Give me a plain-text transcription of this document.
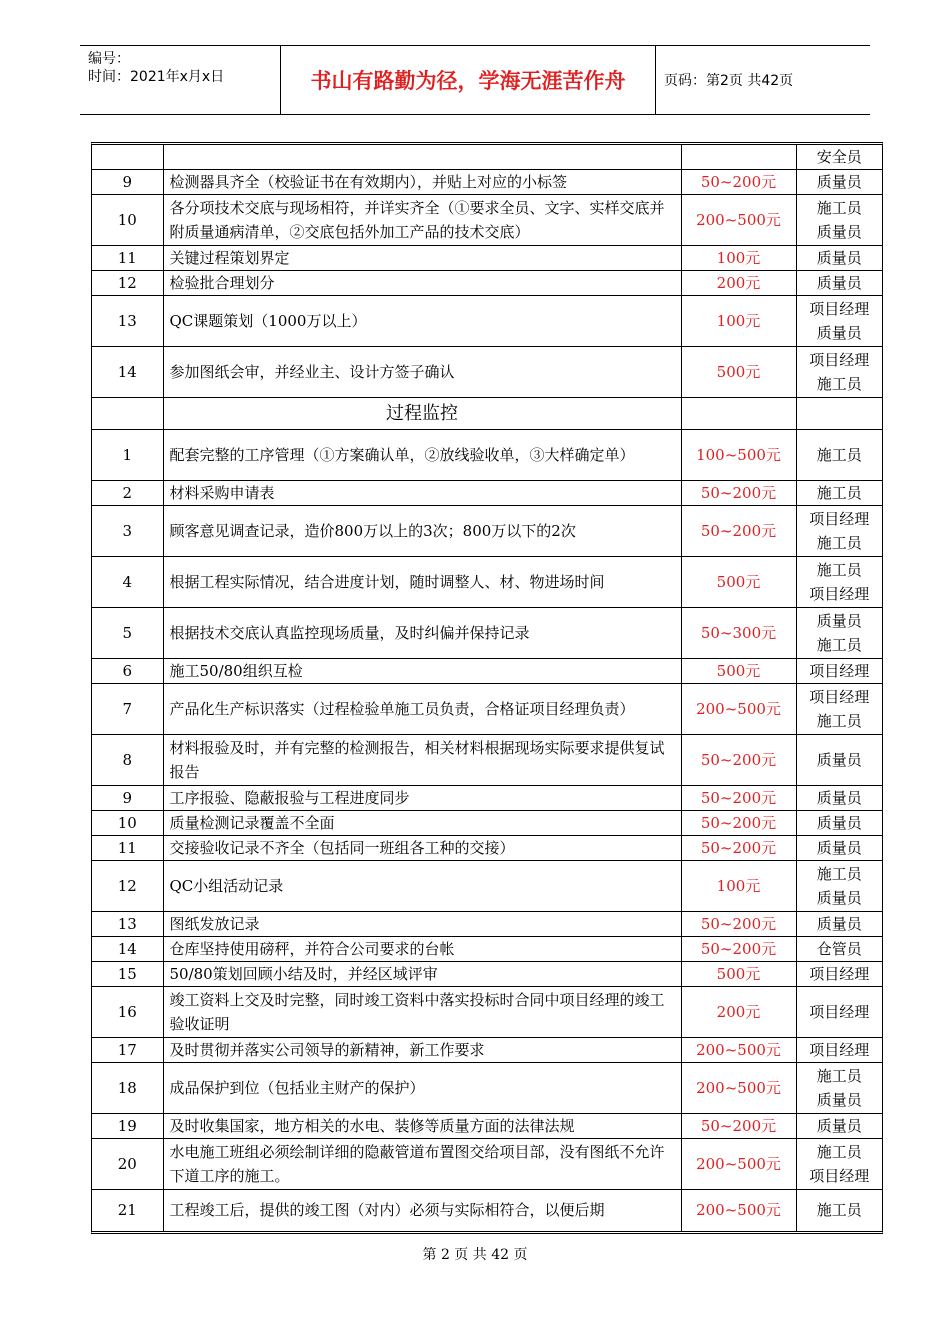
编号：
时间：2021年x月x日	书山有路勤为径，学海无涯苦作舟	页码：第2页 共42页

			安全员

9	检测器具齐全（校验证书在有效期内），并贴上对应的小标签	50~200元	质量员

10	各分项技术交底与现场相符，并详实齐全（①要求全员、文字、实样交底并附质量通病清单，②交底包括外加工产品的技术交底）	200~500元	施工员
质量员

11	关键过程策划界定	100元	质量员

12	检验批合理划分	200元	质量员

13	QC课题策划（1000万以上）	100元	项目经理
质量员

14	参加图纸会审，并经业主、设计方签子确认	500元	项目经理
施工员

	过程监控		
1	配套完整的工序管理（①方案确认单，②放线验收单，③大样确定单）	100~500元	施工员

2	材料采购申请表	50~200元	施工员

3	顾客意见调查记录，造价800万以上的3次；800万以下的2次	50~200元	项目经理
施工员

4	根据工程实际情况，结合进度计划，随时调整人、材、物进场时间	500元	施工员
项目经理

5	根据技术交底认真监控现场质量，及时纠偏并保持记录	50~300元	质量员
施工员

6	施工50/80组织互检	500元	项目经理

7	产品化生产标识落实（过程检验单施工员负责，合格证项目经理负责）	200~500元	项目经理
施工员

8	材料报验及时，并有完整的检测报告，相关材料根据现场实际要求提供复试报告	50~200元	质量员

9	工序报验、隐蔽报验与工程进度同步	50~200元	质量员

10	质量检测记录覆盖不全面	50~200元	质量员

11	交接验收记录不齐全（包括同一班组各工种的交接）	50~200元	质量员

12	QC小组活动记录	100元	施工员
质量员

13	图纸发放记录	50~200元	质量员

14	仓库坚持使用磅秤，并符合公司要求的台帐	50~200元	仓管员

15	50/80策划回顾小结及时，并经区域评审	500元	项目经理

16	竣工资料上交及时完整，同时竣工资料中落实投标时合同中项目经理的竣工验收证明	200元	项目经理

17	及时贯彻并落实公司领导的新精神，新工作要求	200~500元	项目经理

18	成品保护到位（包括业主财产的保护）	200~500元	施工员
质量员

19	及时收集国家，地方相关的水电、装修等质量方面的法律法规	50~200元	质量员

20	水电施工班组必须绘制详细的隐蔽管道布置图交给项目部，没有图纸不允许下道工序的施工。	200~500元	施工员
项目经理

21	工程竣工后，提供的竣工图（对内）必须与实际相符合，以便后期	200~500元	施工员
第 2 页 共 42 页
